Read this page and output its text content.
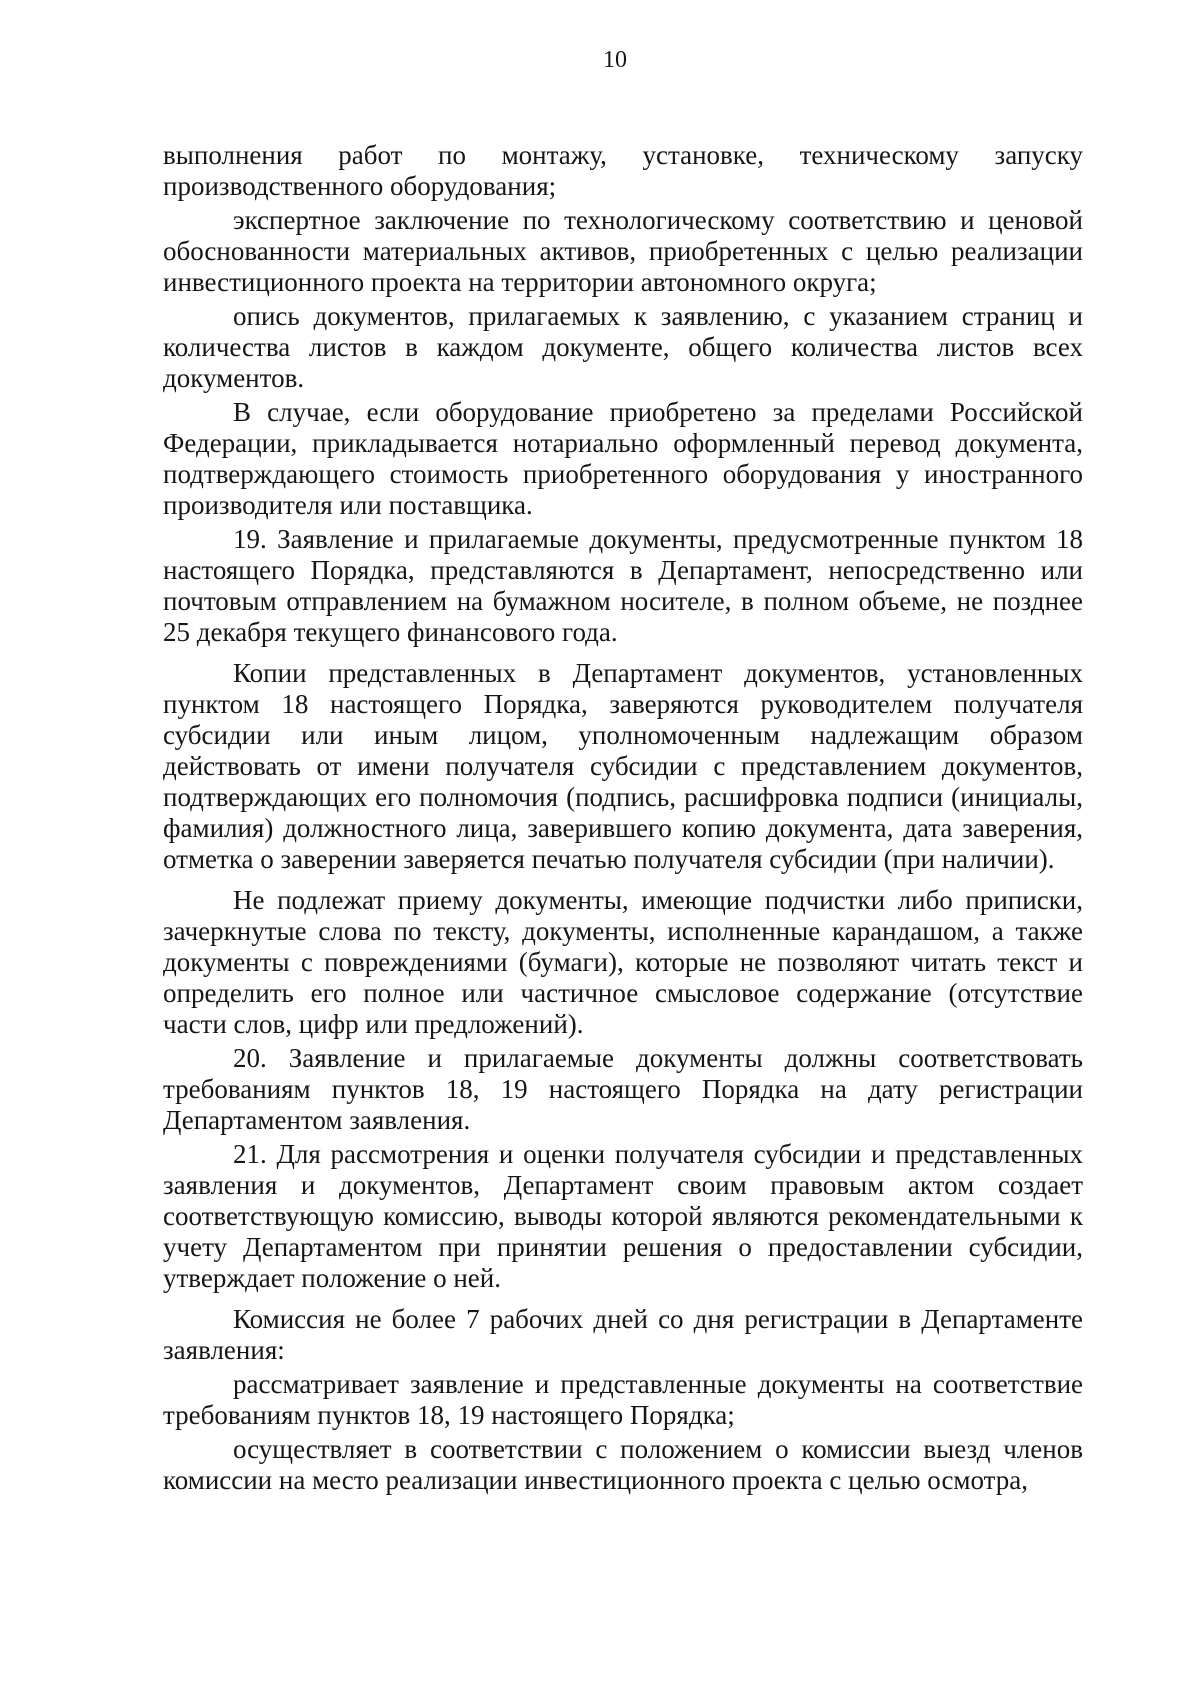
10

выполнения работ по монтажу, установке, техническому запуску производственного оборудования;

экспертное заключение по технологическому соответствию и ценовой обоснованности материальных активов, приобретенных с целью реализации инвестиционного проекта на территории автономного округа;

опись документов, прилагаемых к заявлению, с указанием страниц и количества листов в каждом документе, общего количества листов всех документов.

В случае, если оборудование приобретено за пределами Российской Федерации, прикладывается нотариально оформленный перевод документа, подтверждающего стоимость приобретенного оборудования у иностранного производителя или поставщика.

19. Заявление и прилагаемые документы, предусмотренные пунктом 18 настоящего Порядка, представляются в Департамент, непосредственно или почтовым отправлением на бумажном носителе, в полном объеме, не позднее 25 декабря текущего финансового года.

Копии представленных в Департамент документов, установленных пунктом 18 настоящего Порядка, заверяются руководителем получателя субсидии или иным лицом, уполномоченным надлежащим образом действовать от имени получателя субсидии с представлением документов, подтверждающих его полномочия (подпись, расшифровка подписи (инициалы, фамилия) должностного лица, заверившего копию документа, дата заверения, отметка о заверении заверяется печатью получателя субсидии (при наличии).

Не подлежат приему документы, имеющие подчистки либо приписки, зачеркнутые слова по тексту, документы, исполненные карандашом, а также документы с повреждениями (бумаги), которые не позволяют читать текст и определить его полное или частичное смысловое содержание (отсутствие части слов, цифр или предложений).

20. Заявление и прилагаемые документы должны соответствовать требованиям пунктов 18, 19 настоящего Порядка на дату регистрации Департаментом заявления.

21. Для рассмотрения и оценки получателя субсидии и представленных заявления и документов, Департамент своим правовым актом создает соответствующую комиссию, выводы которой являются рекомендательными к учету Департаментом при принятии решения о предоставлении субсидии, утверждает положение о ней.

Комиссия не более 7 рабочих дней со дня регистрации в Департаменте заявления:

рассматривает заявление и представленные документы на соответствие требованиям пунктов 18, 19 настоящего Порядка;

осуществляет в соответствии с положением о комиссии выезд членов комиссии на место реализации инвестиционного проекта с целью осмотра,
